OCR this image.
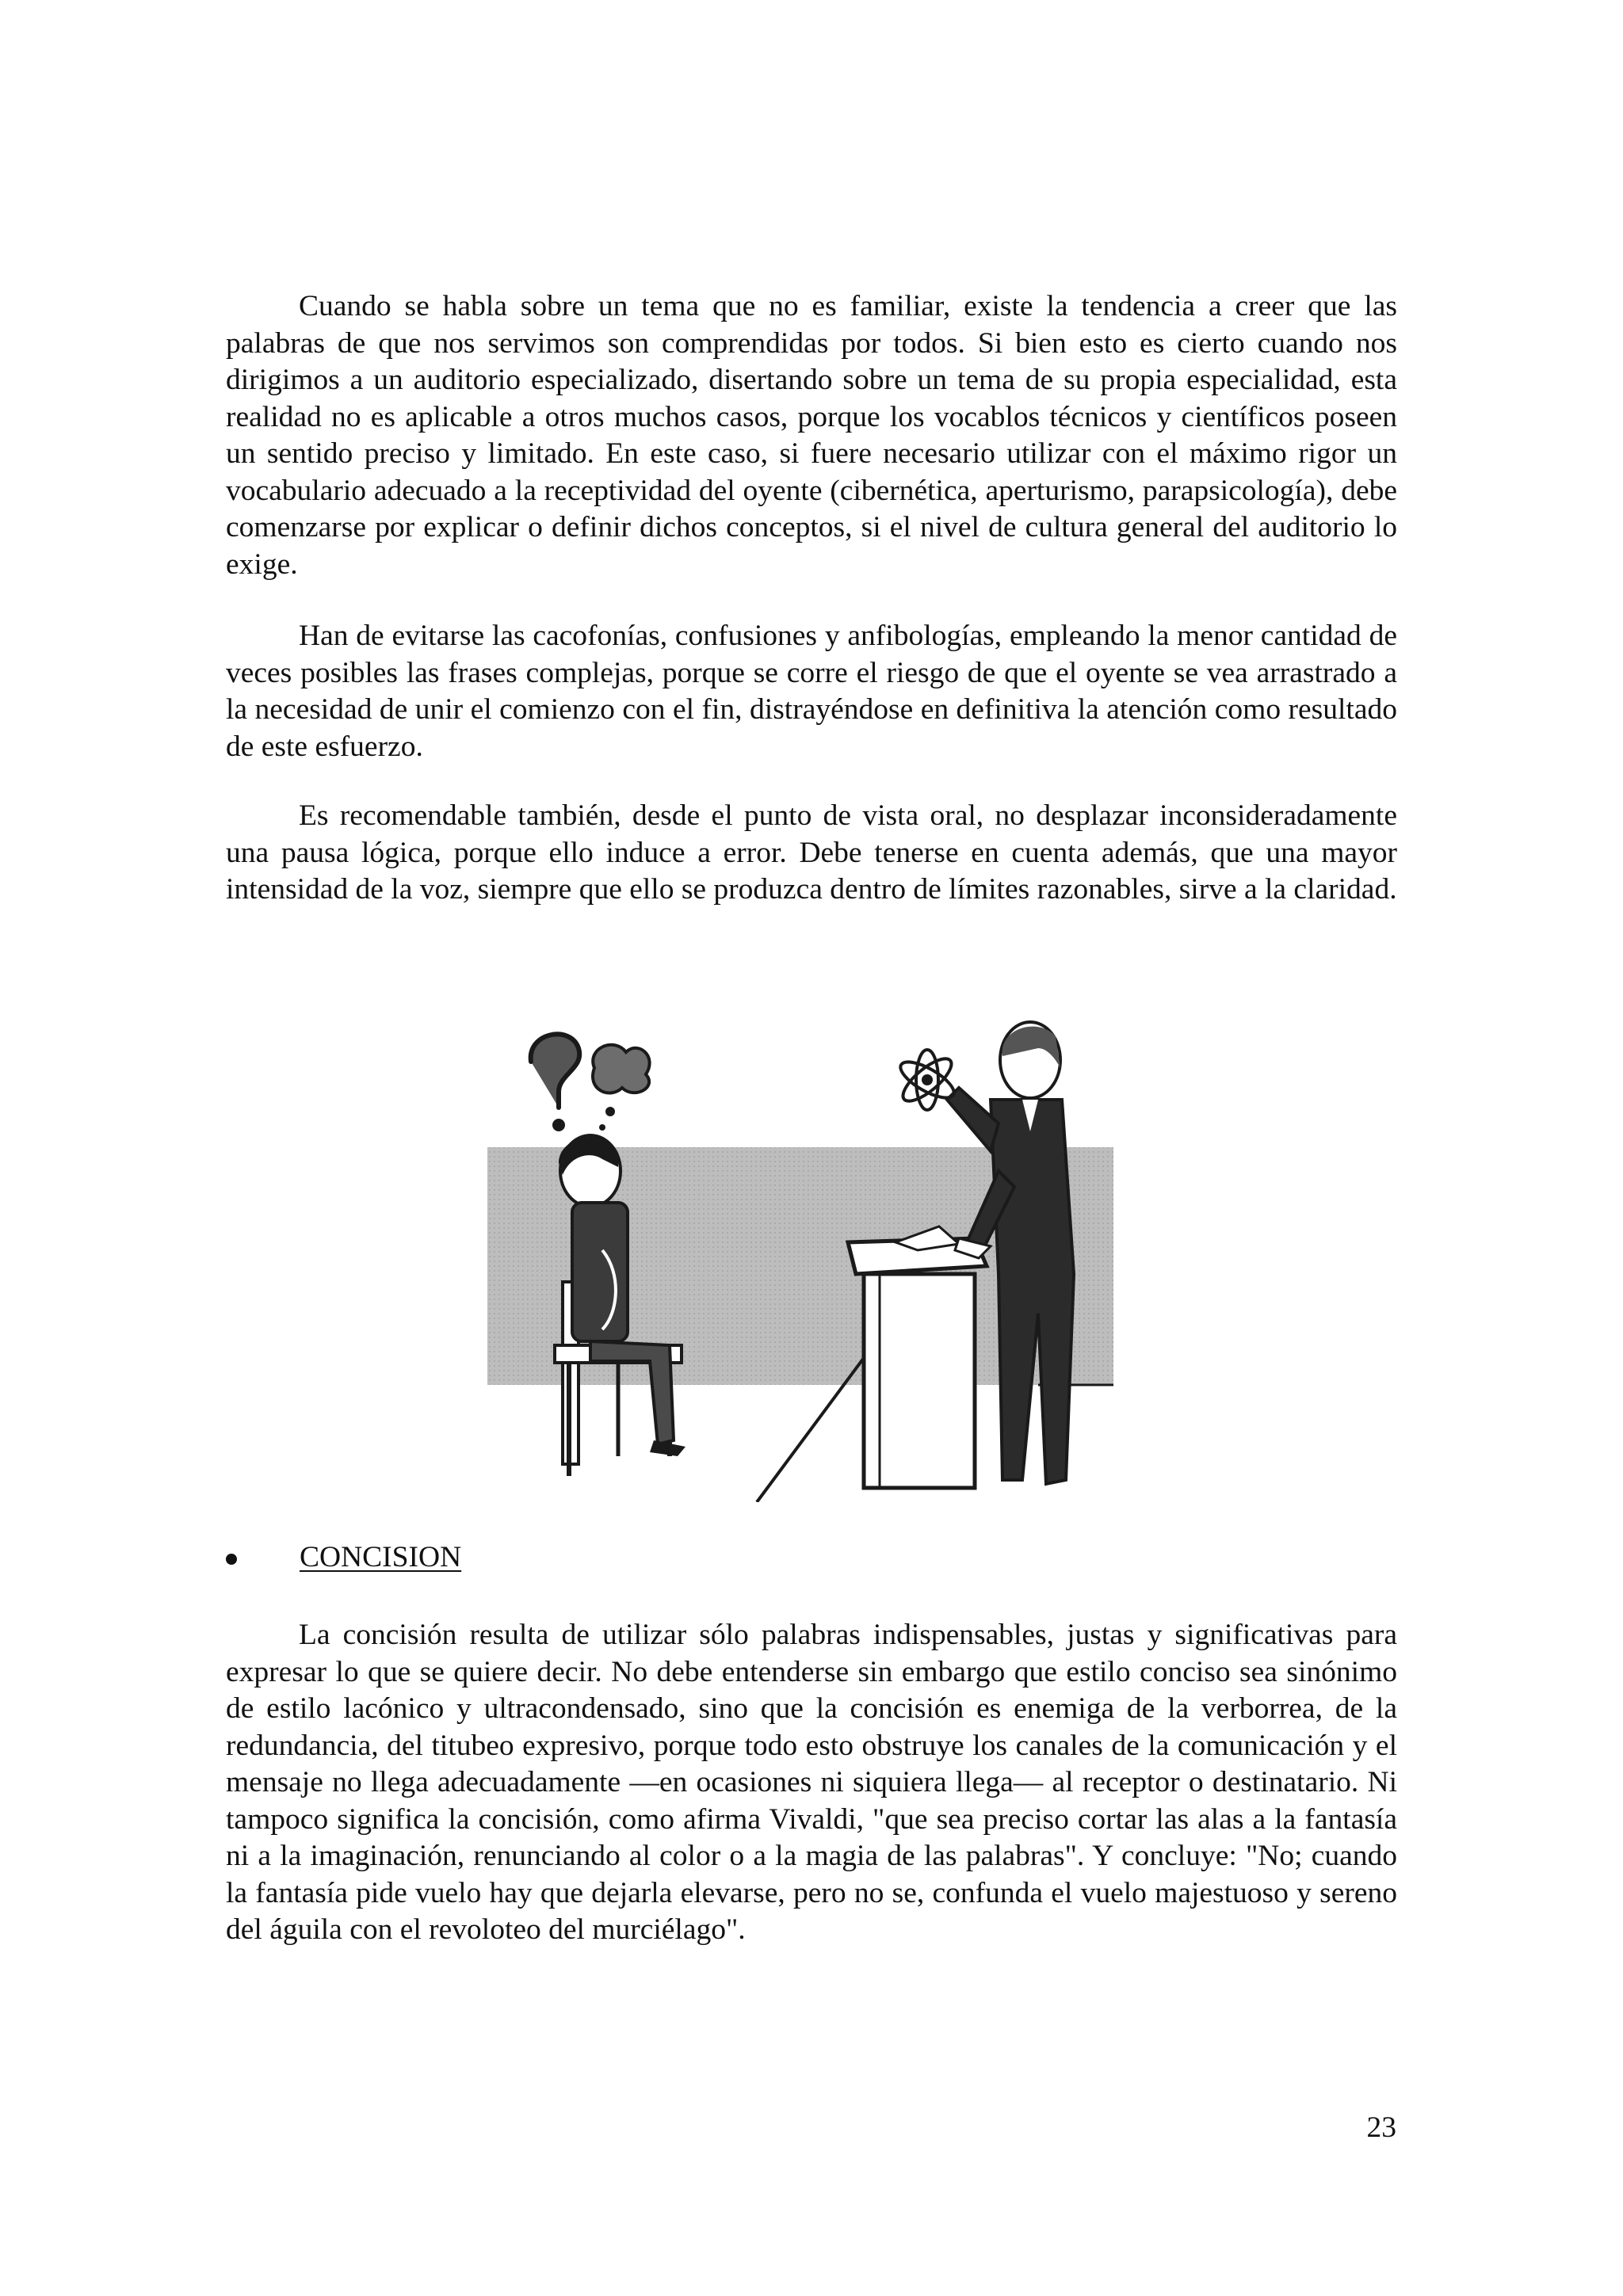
Cuando se habla sobre un tema que no es familiar, existe la tendencia a creer que las palabras de que nos servimos son comprendidas por todos. Si bien esto es cierto cuando nos dirigimos a un auditorio especializado, disertando sobre un tema de su propia especialidad, esta realidad no es aplicable a otros muchos casos, porque los vocablos técnicos y científicos poseen un sentido preciso y limitado. En este caso, si fuere necesario utilizar con el máximo rigor un vocabulario adecuado a la receptividad del oyente (cibernética, aperturismo, parapsicología), debe comenzarse por explicar o definir dichos conceptos, si el nivel de cultura general del auditorio lo exige.

Han de evitarse las cacofonías, confusiones y anfibologías, empleando la menor cantidad de veces posibles las frases complejas, porque se corre el riesgo de que el oyente se vea arrastrado a la necesidad de unir el comienzo con el fin, distrayéndose en definitiva la atención como resultado de este esfuerzo.

Es recomendable también, desde el punto de vista oral, no desplazar inconsideradamente una pausa lógica, porque ello induce a error. Debe tenerse en cuenta además, que una mayor intensidad de la voz, siempre que ello se produzca dentro de límites razonables, sirve a la claridad.

CONCISION

La concisión resulta de utilizar sólo palabras indispensables, justas y significativas para expresar lo que se quiere decir. No debe entenderse sin embargo que estilo conciso sea sinónimo de estilo lacónico y ultracondensado, sino que la concisión es enemiga de la verborrea, de la redundancia, del titubeo expresivo, porque todo esto obstruye los canales de la comunicación y el mensaje no llega adecuadamente —en ocasiones ni siquiera llega— al receptor o destinatario. Ni tampoco significa la concisión, como afirma Vivaldi, "que sea preciso cortar las alas a la fantasía ni a la imaginación, renunciando al color o a la magia de las palabras". Y concluye: "No; cuando la fantasía pide vuelo hay que dejarla elevarse, pero no se, confunda el vuelo majestuoso y sereno del águila con el revoloteo del murciélago".

23
